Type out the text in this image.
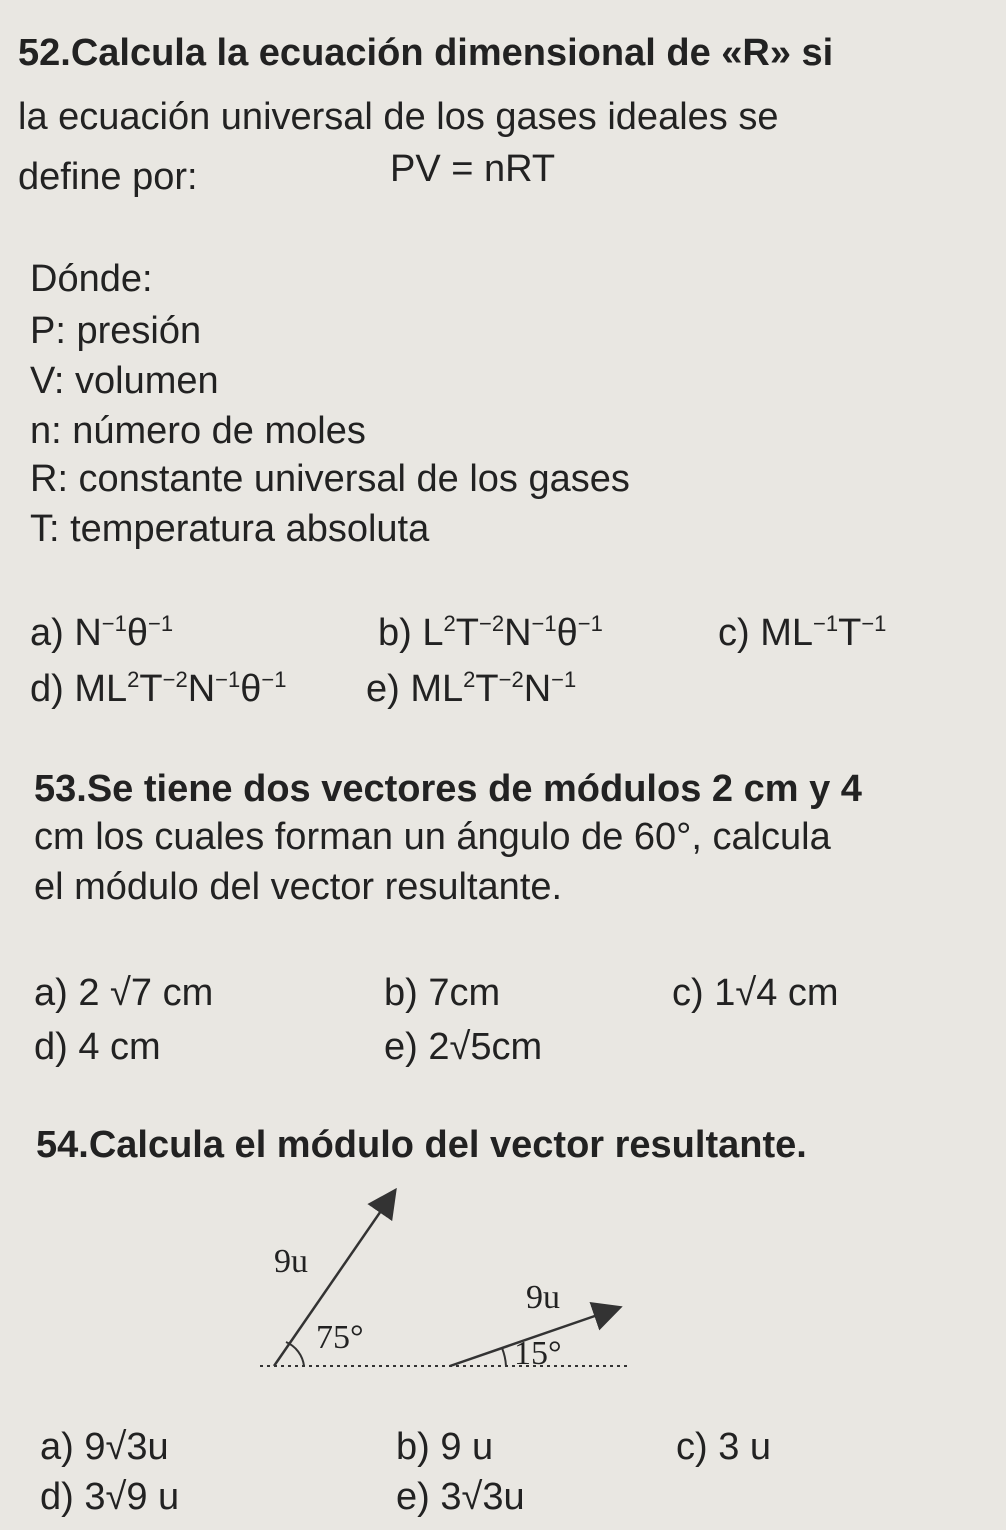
52.Calcula la ecuación dimensional de «R» si
la ecuación universal de los gases ideales se
define por:	PV = nRT
Dónde:
P: presión
V: volumen
n: número de moles
R: constante universal de los gases
T: temperatura absoluta
a) $N^{-1}\theta^{-1}$	b) $L^2T^{-2}N^{-1}\theta^{-1}$	c) $ML^{-1}T^{-1}$
d) $ML^2T^{-2}N^{-1}\theta^{-1}$ e) $ML^2T^{-2}N^{-1}$
53.Se tiene dos vectores de módulos 2 cm y 4
cm los cuales forman un ángulo de 60°, calcula
el módulo del vector resultante.
a) 2 √7 cm	b) 7cm	c) 1√4 cm
d) 4 cm	e) 2√5cm
54.Calcula el módulo del vector resultante.
9u
9u
75°	15°
a) 9√3u	b) 9 u	c) 3 u
d) 3√9 u	e) 3√3u
